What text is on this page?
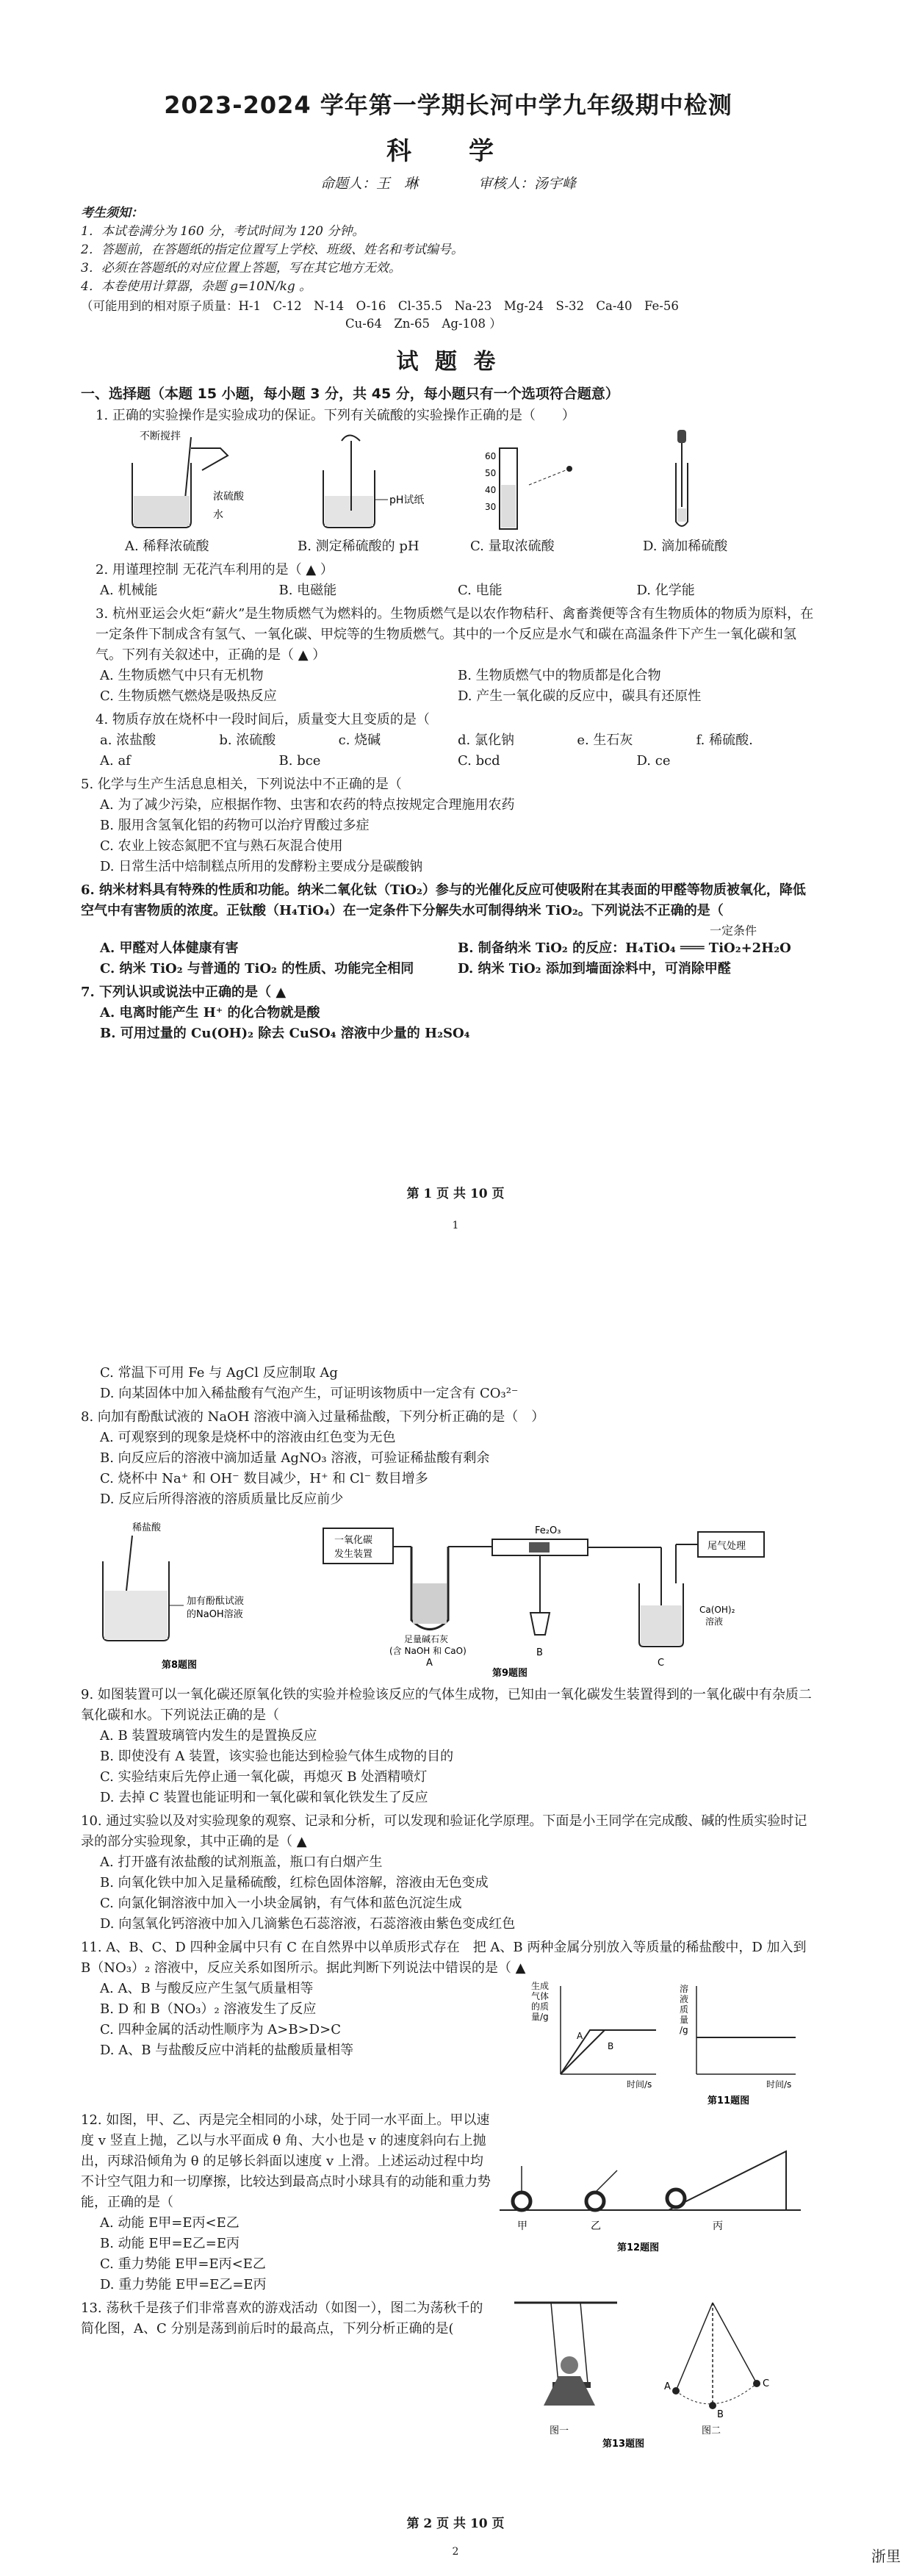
2023-2024 学年第一学期长河中学九年级期中检测
科　学
命题人：王　琳	审核人：汤宇峰
考生须知：
1．本试卷满分为 160 分，考试时间为 120 分钟。
2．答题前，在答题纸的指定位置写上学校、班级、姓名和考试编号。
3．必须在答题纸的对应位置上答题，写在其它地方无效。
4．本卷使用计算器，杂题 g=10N/kg 。
（可能用到的相对原子质量：H-1　C-12　N-14　O-16　Cl-35.5　Na-23　Mg-24　S-32　Ca-40　Fe-56
Cu-64　Zn-65　Ag-108 ）
试 题 卷
一、选择题（本题 15 小题，每小题 3 分，共 45 分，每小题只有一个选项符合题意）
1. 正确的实验操作是实验成功的保证。下列有关硫酸的实验操作正确的是（　　）
不断搅拌
浓硫酸
水
pH试纸
60
50
40
30
A. 稀释浓硫酸	B. 测定稀硫酸的 pH	C. 量取浓硫酸	D. 滴加稀硫酸
2. 用谨理控制 无花汽车利用的是（ ▲ ）
A. 机械能	B. 电磁能	C. 电能	D. 化学能
3. 杭州亚运会火炬“薪火”是生物质燃气为燃料的。生物质燃气是以农作物秸秆、禽畜粪便等含有生物质体的物质为原料，在一定条件下制成含有氢气、一氧化碳、甲烷等的生物质燃气。其中的一个反应是水气和碳在高温条件下产生一氧化碳和氢气。下列有关叙述中，正确的是（ ▲ ）
A. 生物质燃气中只有无机物	B. 生物质燃气中的物质都是化合物
C. 生物质燃气燃烧是吸热反应	D. 产生一氧化碳的反应中，碳具有还原性
4. 物质存放在烧杯中一段时间后，质量变大且变质的是（
a. 浓盐酸	b. 浓硫酸	c. 烧碱	d. 氯化钠	e. 生石灰	f. 稀硫酸.
A. af	B. bce	C. bcd	D. ce
5. 化学与生产生活息息相关，下列说法中不正确的是（
A. 为了减少污染，应根据作物、虫害和农药的特点按规定合理施用农药
B. 服用含氢氧化铝的药物可以治疗胃酸过多症
C. 农业上铵态氮肥不宜与熟石灰混合使用
D. 日常生活中焙制糕点所用的发酵粉主要成分是碳酸钠
6. 纳米材料具有特殊的性质和功能。纳米二氧化钛（TiO₂）参与的光催化反应可使吸附在其表面的甲醛等物质被氧化，降低空气中有害物质的浓度。正钛酸（H₄TiO₄）在一定条件下分解失水可制得纳米 TiO₂。下列说法不正确的是（
一定条件
A. 甲醛对人体健康有害	B. 制备纳米 TiO₂ 的反应：H₄TiO₄ ═══ TiO₂+2H₂O
C. 纳米 TiO₂ 与普通的 TiO₂ 的性质、功能完全相同	D. 纳米 TiO₂ 添加到墙面涂料中，可消除甲醛
7. 下列认识或说法中正确的是（ ▲
A. 电离时能产生 H⁺ 的化合物就是酸
B. 可用过量的 Cu(OH)₂ 除去 CuSO₄ 溶液中少量的 H₂SO₄
第 1 页 共 10 页
1
C. 常温下可用 Fe 与 AgCl 反应制取 Ag
D. 向某固体中加入稀盐酸有气泡产生，可证明该物质中一定含有 CO₃²⁻
8. 向加有酚酞试液的 NaOH 溶液中滴入过量稀盐酸，下列分析正确的是（　）
A. 可观察到的现象是烧杯中的溶液由红色变为无色
B. 向反应后的溶液中滴加适量 AgNO₃ 溶液，可验证稀盐酸有剩余
C. 烧杯中 Na⁺ 和 OH⁻ 数目减少，H⁺ 和 Cl⁻ 数目增多
D. 反应后所得溶液的溶质质量比反应前少
稀盐酸
加有酚酞试液
的NaOH溶液
第8题图
一氧化碳
发生装置
足量碱石灰
(含 NaOH 和 CaO)
A
Fe₂O₃
B
尾气处理
Ca(OH)₂
溶液
C
第9题图
9. 如图装置可以一氧化碳还原氧化铁的实验并检验该反应的气体生成物，已知由一氧化碳发生装置得到的一氧化碳中有杂质二氧化碳和水。下列说法正确的是（
A. B 装置玻璃管内发生的是置换反应
B. 即使没有 A 装置，该实验也能达到检验气体生成物的目的
C. 实验结束后先停止通一氧化碳，再熄灭 B 处酒精喷灯
D. 去掉 C 装置也能证明和一氧化碳和氧化铁发生了反应
10. 通过实验以及对实验现象的观察、记录和分析，可以发现和验证化学原理。下面是小王同学在完成酸、碱的性质实验时记录的部分实验现象，其中正确的是（ ▲
A. 打开盛有浓盐酸的试剂瓶盖，瓶口有白烟产生
B. 向氧化铁中加入足量稀硫酸，红棕色固体溶解，溶液由无色变成
C. 向氯化铜溶液中加入一小块金属钠，有气体和蓝色沉淀生成
D. 向氢氧化钙溶液中加入几滴紫色石蕊溶液，石蕊溶液由紫色变成红色
11. A、B、C、D 四种金属中只有 C 在自然界中以单质形式存在　把 A、B 两种金属分别放入等质量的稀盐酸中，D 加入到 B（NO₃）₂ 溶液中，反应关系如图所示。据此判断下列说法中错误的是（ ▲
A. A、B 与酸反应产生氢气质量相等
B. D 和 B（NO₃）₂ 溶液发生了反应
C. 四种金属的活动性顺序为 A>B>D>C
D. A、B 与盐酸反应中消耗的盐酸质量相等
生成
气体
的质
量/g
A
B
时间/s
溶
液
质
量
/g
时间/s
第11题图
12. 如图，甲、乙、丙是完全相同的小球，处于同一水平面上。甲以速度 v 竖直上抛，乙以与水平面成 θ 角、大小也是 v 的速度斜向右上抛出，丙球沿倾角为 θ 的足够长斜面以速度 v 上滑。上述运动过程中均不计空气阻力和一切摩擦，比较达到最高点时小球具有的动能和重力势能，正确的是（
A. 动能 E甲=E丙<E乙
B. 动能 E甲=E乙=E丙
C. 重力势能 E甲=E丙<E乙
D. 重力势能 E甲=E乙=E丙
甲	乙	丙
第12题图
13. 荡秋千是孩子们非常喜欢的游戏活动（如图一），图二为荡秋千的简化图，A、C 分别是荡到前后时的最高点，下列分析正确的是(
图一
A
B
C
图二
第13题图
第 2 页 共 10 页
2	浙里
